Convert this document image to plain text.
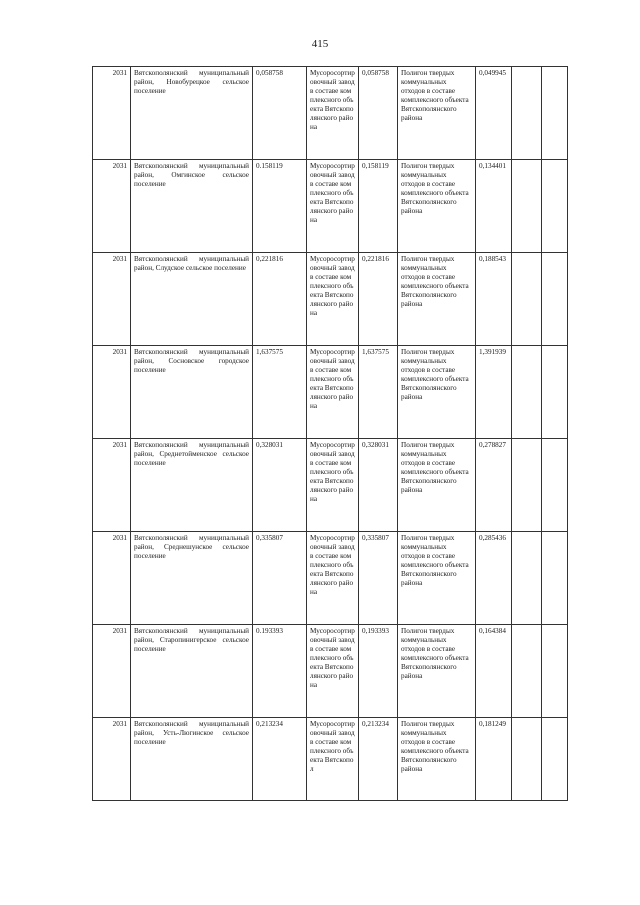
415
2031	Вятскополянский муниципальный район, Новобурецкое сельское поселение	0,058758	Мусоросортировочный завод в составе комплексного объекта Вятскополянского района	0,058758	Полигон твердых коммунальных отходов в составе комплексного объекта Вятскополянского района	0,049945		
2031	Вятскополянский муниципальный район, Омгинское сельское поселение	0.158119	Мусоросортировочный завод в составе комплексного объекта Вятскополянского района	0,158119	Полигон твердых коммунальных отходов в составе комплексного объекта Вятскополянского района	0,134401		
2031	Вятскополянский муниципальный район, Слудское сельское поселение	0,221816	Мусоросортировочный завод в составе комплексного объекта Вятскополянского района	0,221816	Полигон твердых коммунальных отходов в составе комплексного объекта Вятскополянского района	0,188543		
2031	Вятскополянский муниципальный район, Сосновское городское поселение	1,637575	Мусоросортировочный завод в составе комплексного объекта Вятскополянского района	1,637575	Полигон твердых коммунальных отходов в составе комплексного объекта Вятскополянского района	1,391939		
2031	Вятскополянский муниципальный район, Среднетойменское сельское поселение	0,328031	Мусоросортировочный завод в составе комплексного объекта Вятскополянского района	0,328031	Полигон твердых коммунальных отходов в составе комплексного объекта Вятскополянского района	0,278827		
2031	Вятскополянский муниципальный район, Среднешунское сельское поселение	0,335807	Мусоросортировочный завод в составе комплексного объекта Вятскополянского района	0,335807	Полигон твердых коммунальных отходов в составе комплексного объекта Вятскополянского района	0,285436		
2031	Вятскополянский муниципальный район, Старопинигерское сельское поселение	0.193393	Мусоросортировочный завод в составе комплексного объекта Вятскополянского района	0,193393	Полигон твердых коммунальных отходов в составе комплексного объекта Вятскополянского района	0,164384		
2031	Вятскополянский муниципальный район, Усть-Люгинское сельское поселение	0,213234	Мусоросортировочный завод в составе комплексного объекта Вятскопол	0,213234	Полигон твердых коммунальных отходов в составе комплексного объекта Вятскополянского района	0,181249		
